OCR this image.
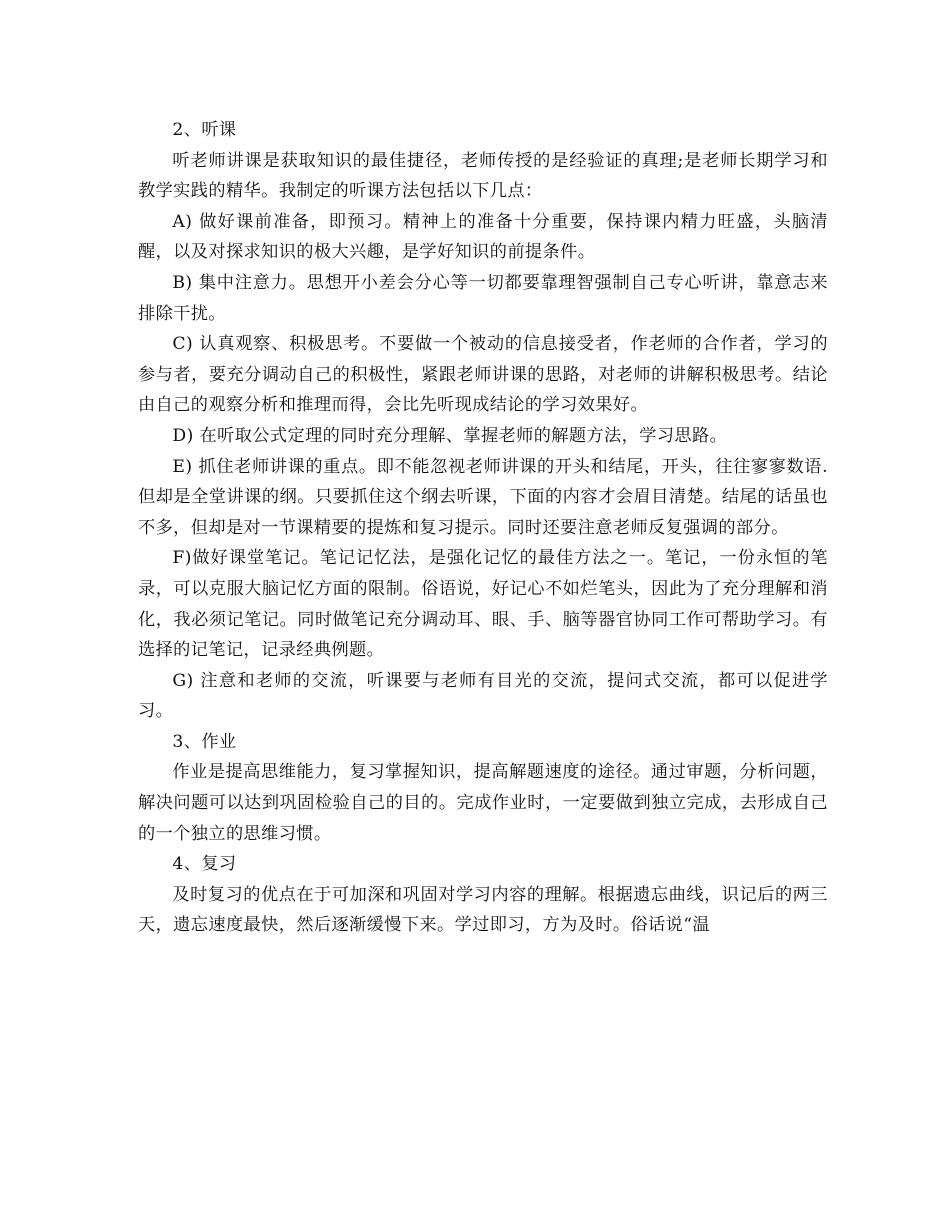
2、听课

听老师讲课是获取知识的最佳捷径，老师传授的是经验证的真理;是老师长期学习和教学实践的精华。我制定的听课方法包括以下几点：

A) 做好课前准备，即预习。精神上的准备十分重要，保持课内精力旺盛，头脑清醒，以及对探求知识的极大兴趣，是学好知识的前提条件。

B) 集中注意力。思想开小差会分心等一切都要靠理智强制自己专心听讲，靠意志来排除干扰。

C) 认真观察、积极思考。不要做一个被动的信息接受者，作老师的合作者，学习的参与者，要充分调动自己的积极性，紧跟老师讲课的思路，对老师的讲解积极思考。结论由自己的观察分析和推理而得，会比先听现成结论的学习效果好。

D) 在听取公式定理的同时充分理解、掌握老师的解题方法，学习思路。

E) 抓住老师讲课的重点。即不能忽视老师讲课的开头和结尾，开头，往往寥寥数语.但却是全堂讲课的纲。只要抓住这个纲去听课，下面的内容才会眉目清楚。结尾的话虽也不多，但却是对一节课精要的提炼和复习提示。同时还要注意老师反复强调的部分。

F)做好课堂笔记。笔记记忆法，是强化记忆的最佳方法之一。笔记，一份永恒的笔录，可以克服大脑记忆方面的限制。俗语说，好记心不如烂笔头，因此为了充分理解和消化，我必须记笔记。同时做笔记充分调动耳、眼、手、脑等器官协同工作可帮助学习。有选择的记笔记，记录经典例题。

G) 注意和老师的交流，听课要与老师有目光的交流，提问式交流，都可以促进学习。

3、作业

作业是提高思维能力，复习掌握知识，提高解题速度的途径。通过审题，分析问题，解决问题可以达到巩固检验自己的目的。完成作业时，一定要做到独立完成，去形成自己的一个独立的思维习惯。

4、复习

及时复习的优点在于可加深和巩固对学习内容的理解。根据遗忘曲线，识记后的两三天，遗忘速度最快，然后逐渐缓慢下来。学过即习，方为及时。俗话说“温
